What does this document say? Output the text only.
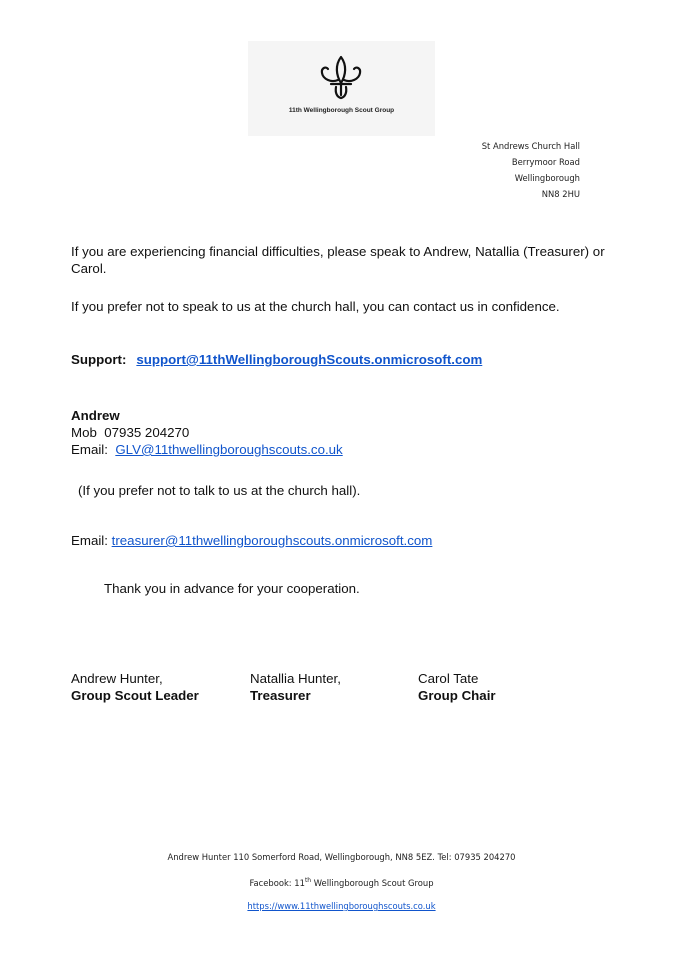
11th Wellingborough Scout Group
St Andrews Church Hall
Berrymoor Road
Wellingborough
NN8 2HU
If you are experiencing financial difficulties, please speak to Andrew, Natallia (Treasurer) or Carol.
If you prefer not to speak to us at the church hall, you can contact us in confidence.
Support: support@11thWellingboroughScouts.onmicrosoft.com
Andrew
Mob  07935 204270
Email: GLV@11thwellingboroughscouts.co.uk
(If you prefer not to talk to us at the church hall).
Email: treasurer@11thwellingboroughscouts.onmicrosoft.com
Thank you in advance for your cooperation.
Andrew Hunter,
Group Scout Leader
Natallia Hunter,
Treasurer
Carol Tate
Group Chair
Andrew Hunter 110 Somerford Road, Wellingborough, NN8 5EZ. Tel: 07935 204270
Facebook: 11th Wellingborough Scout Group
https://www.11thwellingboroughscouts.co.uk
